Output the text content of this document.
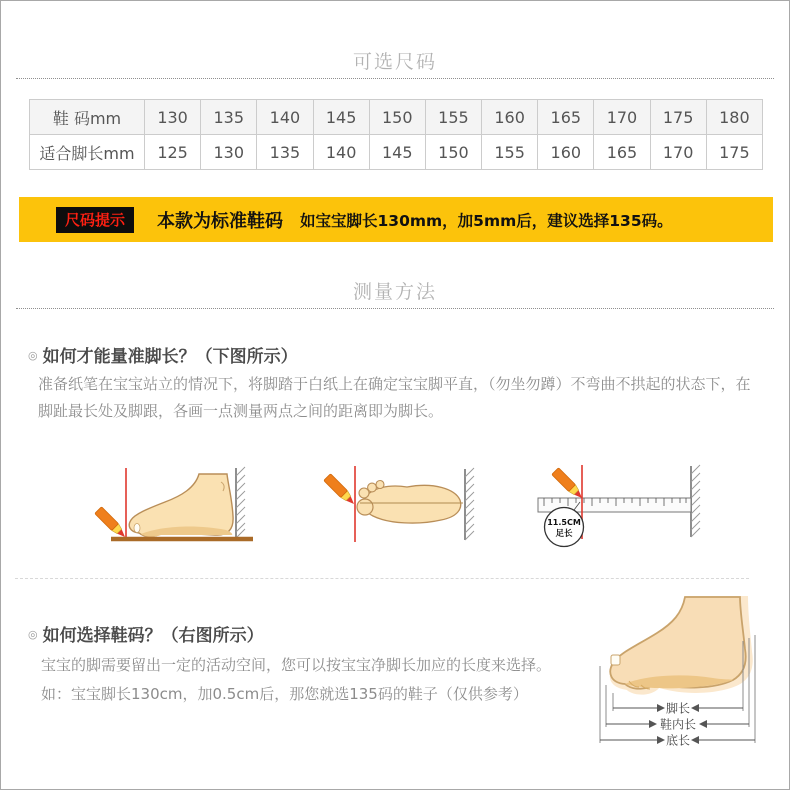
可选尺码
鞋 码mm	130	135	140	145	150	155	160	165	170	175	180
适合脚长mm	125	130	135	140	145	150	155	160	165	170	175
尺码提示	本款为标准鞋码 如宝宝脚长130mm，加5mm后，建议选择135码。
测量方法
◎ 如何才能量准脚长？（下图所示）
准备纸笔在宝宝站立的情况下，将脚踏于白纸上在确定宝宝脚平直，（勿坐勿蹲）不弯曲不拱起的状态下，在脚趾最长处及脚跟，各画一点测量两点之间的距离即为脚长。
11.5CM
足长
◎ 如何选择鞋码？（右图所示）
宝宝的脚需要留出一定的活动空间，您可以按宝宝净脚长加应的长度来选择。
如：宝宝脚长130cm，加0.5cm后，那您就选135码的鞋子（仅供参考）
脚长
鞋内长
底长
